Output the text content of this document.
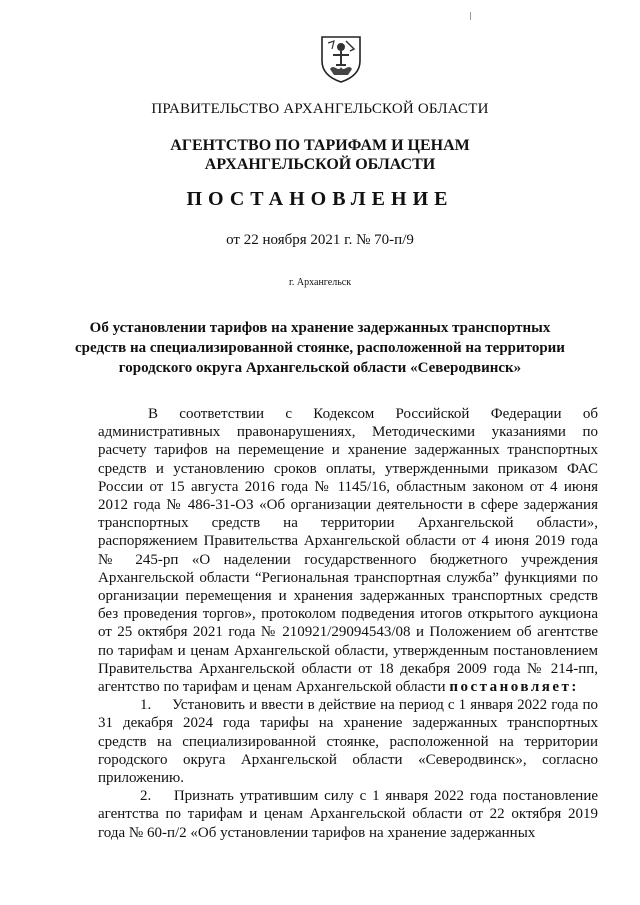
ПРАВИТЕЛЬСТВО АРХАНГЕЛЬСКОЙ ОБЛАСТИ
АГЕНТСТВО ПО ТАРИФАМ И ЦЕНАМ
АРХАНГЕЛЬСКОЙ ОБЛАСТИ
ПОСТАНОВЛЕНИЕ
от 22 ноября 2021 г. № 70-п/9
г. Архангельск
Об установлении тарифов на хранение задержанных транспортных
средств на специализированной стоянке, расположенной на территории
городского округа Архангельской области «Северодвинск»

В соответствии с Кодексом Российской Федерации об административных правонарушениях, Методическими указаниями по расчету тарифов на перемещение и хранение задержанных транспортных средств и установлению сроков оплаты, утвержденными приказом ФАС России от 15 августа 2016 года № 1145/16, областным законом от 4 июня 2012 года № 486-31-ОЗ «Об организации деятельности в сфере задержания транспортных средств на территории Архангельской области», распоряжением Правительства Архангельской области от 4 июня 2019 года № 245-рп «О наделении государственного бюджетного учреждения Архангельской области “Региональная транспортная служба” функциями по организации перемещения и хранения задержанных транспортных средств без проведения торгов», протоколом подведения итогов открытого аукциона от 25 октября 2021 года № 210921/29094543/08 и Положением об агентстве по тарифам и ценам Архангельской области, утвержденным постановлением Правительства Архангельской области от 18 декабря 2009 года № 214-пп, агентство по тарифам и ценам Архангельской области постановляет:

1. Установить и ввести в действие на период с 1 января 2022 года по 31 декабря 2024 года тарифы на хранение задержанных транспортных средств на специализированной стоянке, расположенной на территории городского округа Архангельской области «Северодвинск», согласно приложению.

2. Признать утратившим силу с 1 января 2022 года постановление агентства по тарифам и ценам Архангельской области от 22 октября 2019 года № 60-п/2 «Об установлении тарифов на хранение задержанных
